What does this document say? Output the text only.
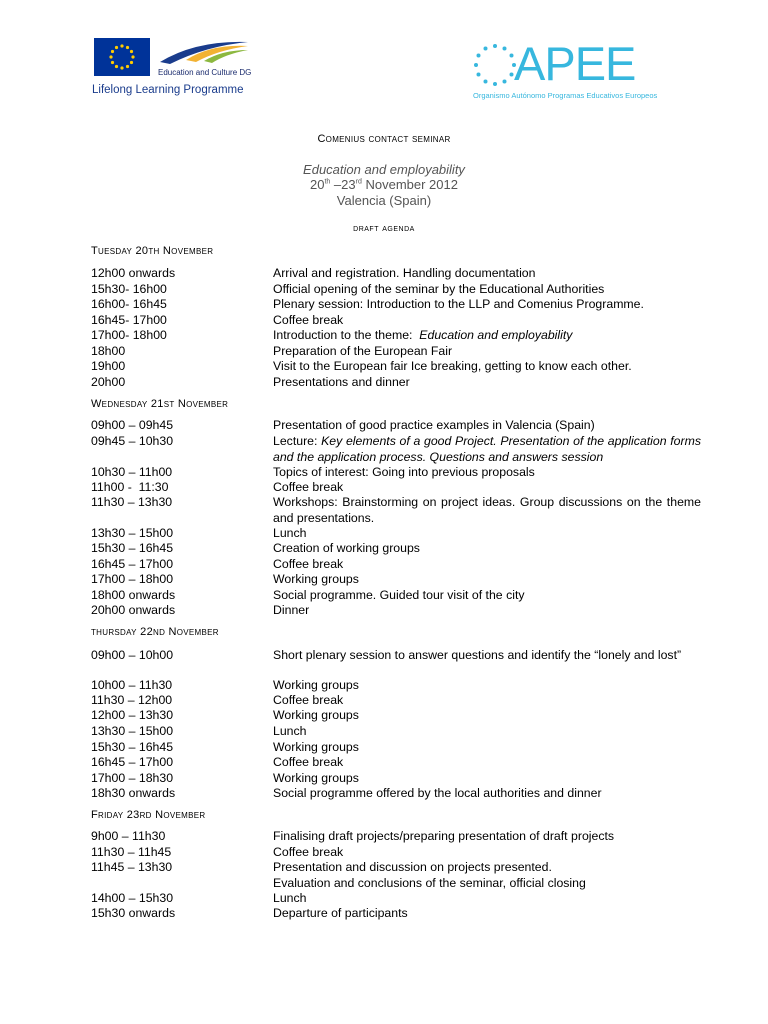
Education and Culture DG
Lifelong Learning Programme	APEE
Organismo Autónomo Programas Educativos Europeos
Comenius contact seminar
Education and employability
20th –23rd November 2012
Valencia (Spain)
draft agenda
Tuesday 20th November
Wednesday 21st November
thursday 22nd November
Friday 23rd November
12h00 onwards	Arrival and registration. Handling documentation
15h30- 16h00	Official opening of the seminar by the Educational Authorities
16h00- 16h45	Plenary session: Introduction to the LLP and Comenius Programme.
16h45- 17h00	Coffee break
17h00- 18h00	Introduction to the theme:  Education and employability
18h00	Preparation of the European Fair
19h00	Visit to the European fair Ice breaking, getting to know each other.
20h00	Presentations and dinner
09h00 – 09h45	Presentation of good practice examples in Valencia (Spain)
09h45 – 10h30	Lecture: Key elements of a good Project. Presentation of the application forms and the application process. Questions and answers session
10h30 – 11h00	Topics of interest: Going into previous proposals
11h00 -  11:30	Coffee break
11h30 – 13h30	Workshops: Brainstorming on project ideas. Group discussions on the theme and presentations.
13h30 – 15h00	Lunch
15h30 – 16h45	Creation of working groups
16h45 – 17h00	Coffee break
17h00 – 18h00	Working groups
18h00 onwards	Social programme. Guided tour visit of the city
20h00 onwards	Dinner
09h00 – 10h00	Short plenary session to answer questions and identify the “lonely and lost”
10h00 – 11h30	Working groups
11h30 – 12h00	Coffee break
12h00 – 13h30	Working groups
13h30 – 15h00	Lunch
15h30 – 16h45	Working groups
16h45 – 17h00	Coffee break
17h00 – 18h30	Working groups
18h30 onwards	Social programme offered by the local authorities and dinner
9h00 – 11h30	Finalising draft projects/preparing presentation of draft projects
11h30 – 11h45	Coffee break
11h45 – 13h30	Presentation and discussion on projects presented.
Evaluation and conclusions of the seminar, official closing
14h00 – 15h30	Lunch
15h30 onwards	Departure of participants
